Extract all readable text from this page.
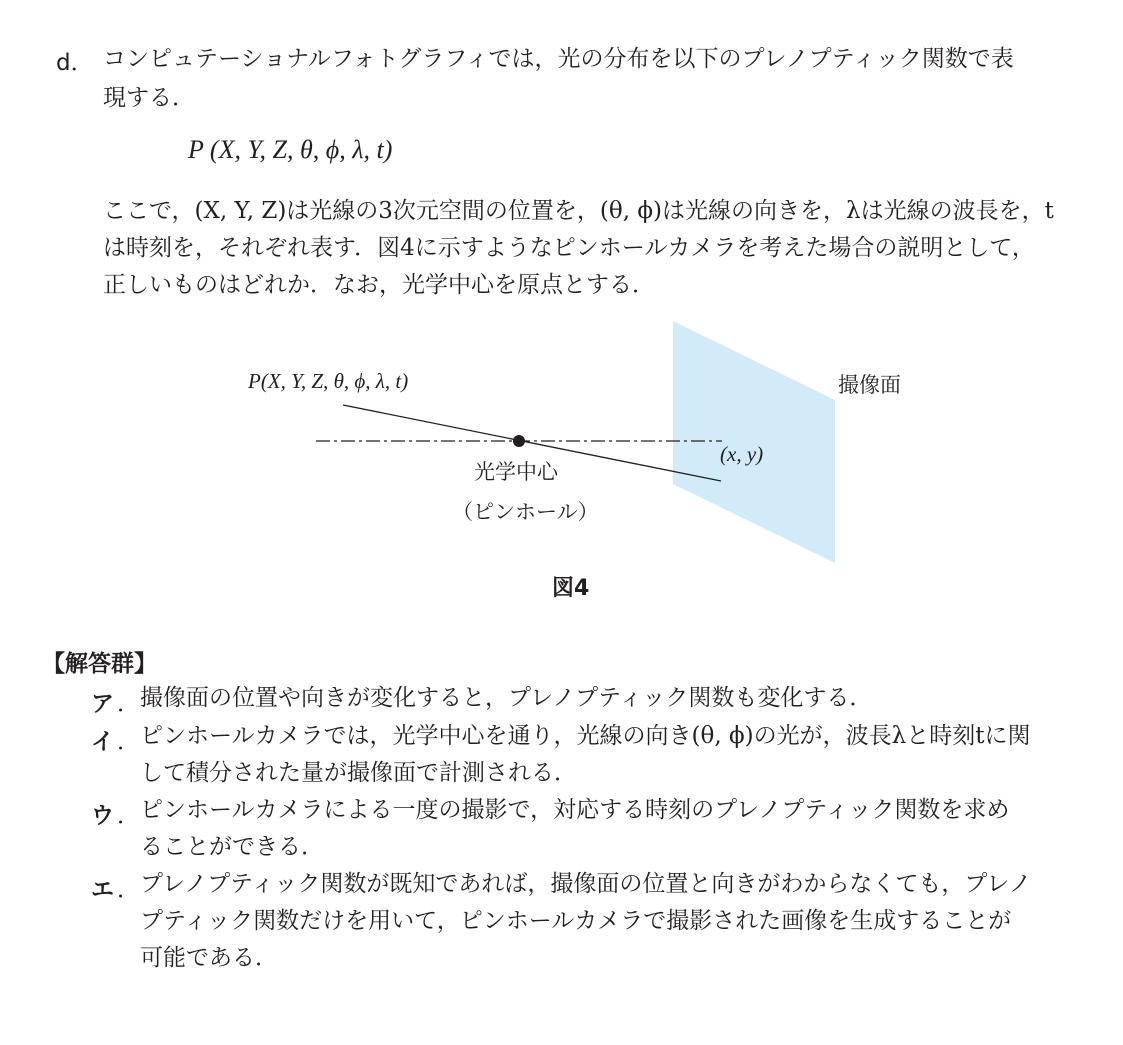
d． コンピュテーショナルフォトグラフィでは，光の分布を以下のプレノプティック関数で表
現する．
P (X, Y, Z, θ, ϕ, λ, t)
ここで，(X, Y, Z)は光線の3次元空間の位置を，(θ, ϕ)は光線の向きを，λは光線の波長を，t
は時刻を，それぞれ表す．図4に示すようなピンホールカメラを考えた場合の説明として，
正しいものはどれか．なお，光学中心を原点とする．
P(X, Y, Z, θ, ϕ, λ, t)	撮像面
(x, y)
光学中心
（ピンホール）
図4
【解答群】
ア ． 撮像面の位置や向きが変化すると，プレノプティック関数も変化する．
イ ． ピンホールカメラでは，光学中心を通り，光線の向き(θ, ϕ)の光が，波長λと時刻tに関
して積分された量が撮像面で計測される．
ウ ． ピンホールカメラによる一度の撮影で，対応する時刻のプレノプティック関数を求め
ることができる．
エ ． プレノプティック関数が既知であれば，撮像面の位置と向きがわからなくても，プレノ
プティック関数だけを用いて，ピンホールカメラで撮影された画像を生成することが
可能である．
